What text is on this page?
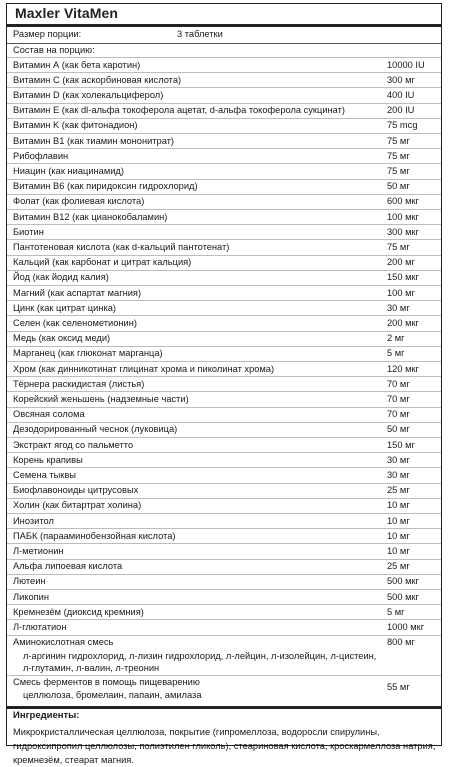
Maxler VitaMen
Размер порции:	3 таблетки
Состав на порцию:
Витамин А (как бета каротин)	10000 IU
Витамин С (как аскорбиновая кислота)	300 мг
Витамин D (как холекальциферол)	400 IU
Витамин E (как dl-альфа токоферола ацетат, d-альфа токоферола сукцинат)	200 IU
Витамин K (как фитонадион)	75 mcg
Витамин B1 (как тиамин мононитрат)	75 мг
Рибофлавин	75 мг
Ниацин (как ниацинамид)	75 мг
Витамин B6 (как пиридоксин гидрохлорид)	50 мг
Фолат (как фолиевая кислота)	600 мкг
Витамин B12 (как цианокобаламин)	100 мкг
Биотин	300 мкг
Пантотеновая кислота (как d-кальций пантотенат)	75 мг
Кальций (как карбонат и цитрат кальция)	200 мг
Йод (как йодид калия)	150 мкг
Магний (как аспартат магния)	100 мг
Цинк (как цитрат цинка)	30 мг
Селен (как селенометионин)	200 мкг
Медь (как оксид меди)	2 мг
Марганец (как глюконат марганца)	5 мг
Хром (как динникотинат глицинат хрома и пиколинат хрома)	120 мкг
Тёрнера раскидистая (листья)	70 мг
Корейский женьшень (надземные части)	70 мг
Овсяная солома	70 мг
Дезодорированный чеснок (луковица)	50 мг
Экстракт ягод со пальметто	150 мг
Корень крапивы	30 мг
Семена тыквы	30 мг
Биофлавоноиды цитрусовых	25 мг
Холин (как битартрат холина)	10 мг
Инозитол	10 мг
ПАБК (парааминобензойная кислота)	10 мг
Л-метионин	10 мг
Альфа липоевая кислота	25 мг
Лютеин	500 мкг
Ликопин	500 мкг
Кремнезём (диоксид кремния)	5 мг
Л-глютатион	1000 мкг
Аминокислотная смесь	800 мг
л-аргинин гидрохлорид, л-лизин гидрохлорид, л-лейцин, л-изолейцин, л-цистеин,
л-глутамин, л-валин, л-треонин
Смесь ферментов в помощь пищеварению	55 мг
целлюлоза, бромелаин, папаин, амилаза
Ингредиенты:
Микрокристаллическая целлюлоза, покрытие (гипромеллоза, водоросли спирулины, гидроксипропил целлюлозы, полиэтилен гликоль), стеариновая кислота, кроскармеллоза натрия, кремнезём, стеарат магния.
